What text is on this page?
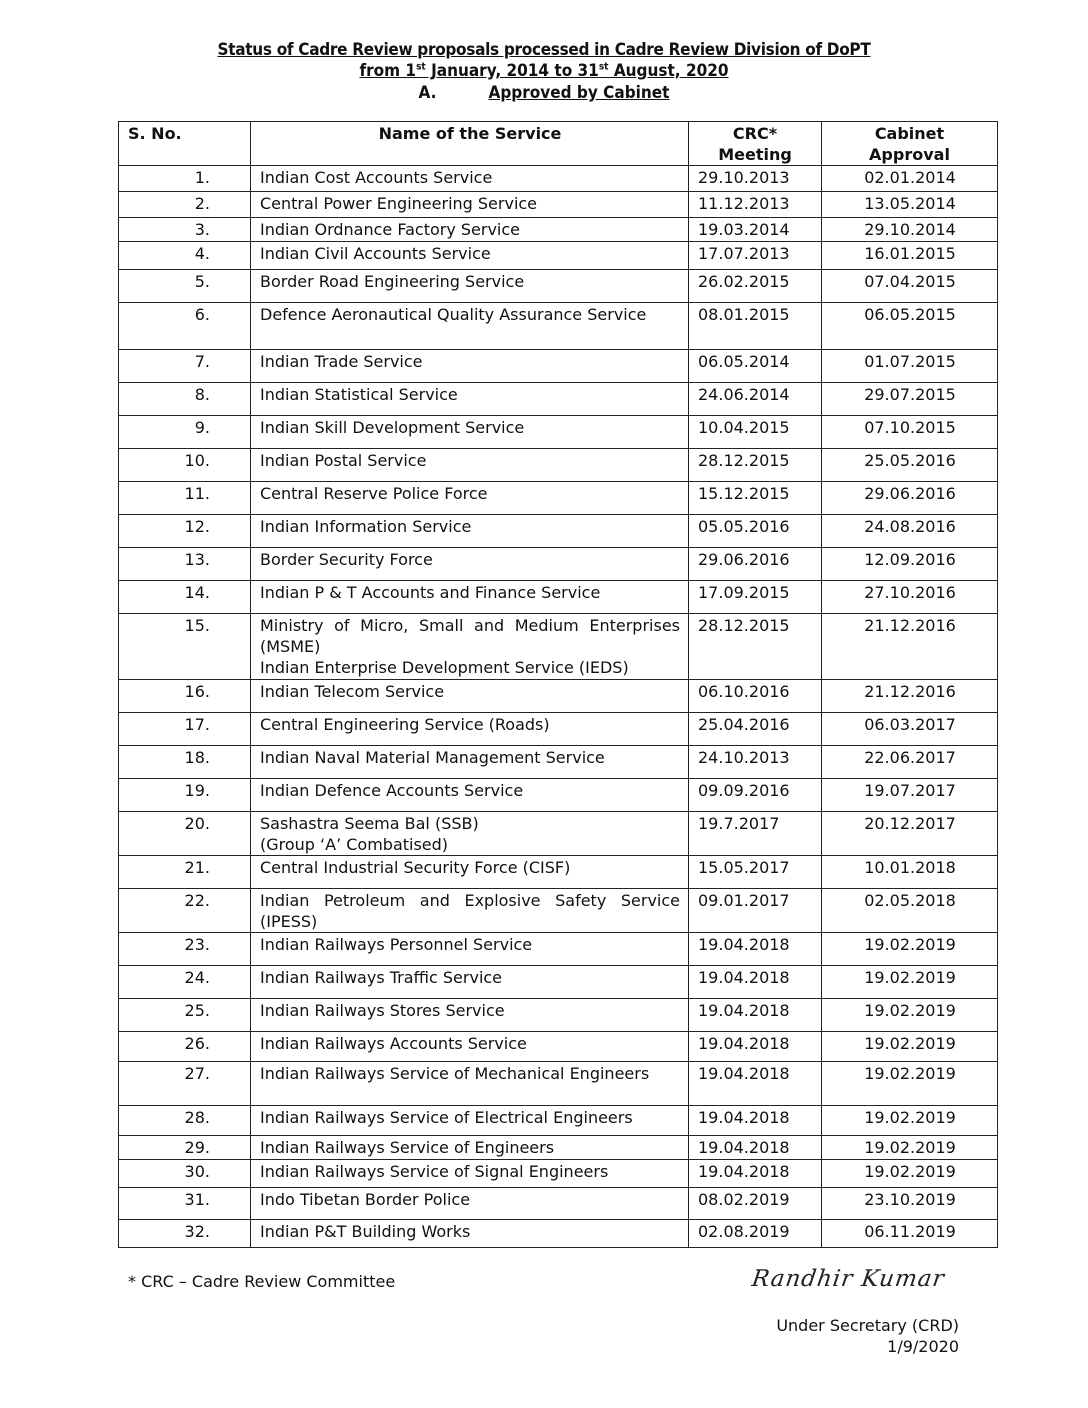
Status of Cadre Review proposals processed in Cadre Review Division of DoPT
from 1st January, 2014 to 31st August, 2020
A.	Approved by Cabinet
S. No.	Name of the Service	CRC* Meeting	Cabinet Approval
1.	Indian Cost Accounts Service	29.10.2013	02.01.2014
2.	Central Power Engineering Service	11.12.2013	13.05.2014
3.	Indian Ordnance Factory Service	19.03.2014	29.10.2014
4.	Indian Civil Accounts Service	17.07.2013	16.01.2015
5.	Border Road Engineering Service	26.02.2015	07.04.2015
6.	Defence Aeronautical Quality Assurance Service	08.01.2015	06.05.2015
7.	Indian Trade Service	06.05.2014	01.07.2015
8.	Indian Statistical Service	24.06.2014	29.07.2015
9.	Indian Skill Development Service	10.04.2015	07.10.2015
10.	Indian Postal Service	28.12.2015	25.05.2016
11.	Central Reserve Police Force	15.12.2015	29.06.2016
12.	Indian Information Service	05.05.2016	24.08.2016
13.	Border Security Force	29.06.2016	12.09.2016
14.	Indian P & T Accounts and Finance Service	17.09.2015	27.10.2016
15.	Ministry of Micro, Small and Medium Enterprises (MSME)
Indian Enterprise Development Service (IEDS)	28.12.2015	21.12.2016
16.	Indian Telecom Service	06.10.2016	21.12.2016
17.	Central Engineering Service (Roads)	25.04.2016	06.03.2017
18.	Indian Naval Material Management Service	24.10.2013	22.06.2017
19.	Indian Defence Accounts Service	09.09.2016	19.07.2017
20.	Sashastra Seema Bal (SSB)
(Group ‘A’ Combatised)	19.7.2017	20.12.2017
21.	Central Industrial Security Force (CISF)	15.05.2017	10.01.2018
22.	Indian Petroleum and Explosive Safety Service (IPESS)	09.01.2017	02.05.2018
23.	Indian Railways Personnel Service	19.04.2018	19.02.2019
24.	Indian Railways Traffic Service	19.04.2018	19.02.2019
25.	Indian Railways Stores Service	19.04.2018	19.02.2019
26.	Indian Railways Accounts Service	19.04.2018	19.02.2019
27.	Indian Railways Service of Mechanical Engineers	19.04.2018	19.02.2019
28.	Indian Railways Service of Electrical Engineers	19.04.2018	19.02.2019
29.	Indian Railways Service of Engineers	19.04.2018	19.02.2019
30.	Indian Railways Service of Signal Engineers	19.04.2018	19.02.2019
31.	Indo Tibetan Border Police	08.02.2019	23.10.2019
32.	Indian P&T Building Works	02.08.2019	06.11.2019
* CRC – Cadre Review Committee	Randhir Kumar
Under Secretary (CRD)
1/9/2020
